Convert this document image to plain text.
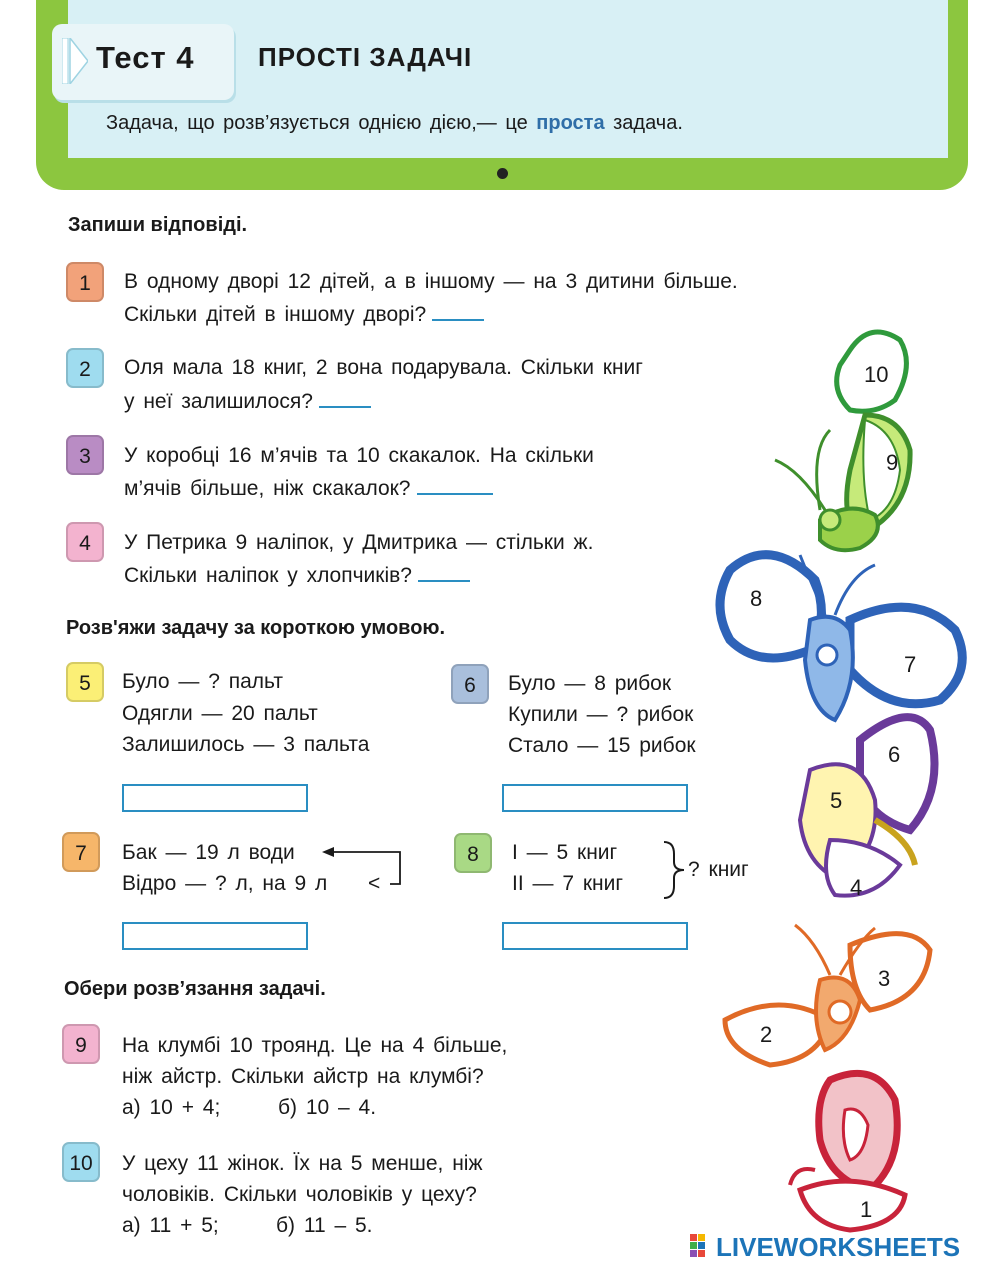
Тест 4 ПРОСТІ ЗАДАЧІ
Задача, що розв’язується однією дією,— це проста задача.
Запиши відповіді.
1	В одному дворі 12 дітей, а в іншому — на 3 дитини більше.
Скільки дітей в іншому дворі?
2	Оля мала 18 книг, 2 вона подарувала. Скільки книг
у неї залишилося?
3	У коробці 16 м’ячів та 10 скакалок. На скільки
м’ячів більше, ніж скакалок?
4	У Петрика 9 наліпок, у Дмитрика — стільки ж.
Скільки наліпок у хлопчиків?
Розв'яжи задачу за короткою умовою.
5	Було — ? пальт
Одягли — 20 пальт
Залишилось — 3 пальта
6	Було — 8 рибок
Купили — ? рибок
Стало — 15 рибок
7	Бак — 19 л води
Відро — ? л, на 9 л <
8	I — 5 книг
II — 7 книг
? книг
Обери розв’язання задачі.
9	На клумбі 10 троянд. Це на 4 більше,
ніж айстр. Скільки айстр на клумбі?
а) 10 + 4;	б) 10 – 4.
10	У цеху 11 жінок. Їх на 5 менше, ніж
чоловіків. Скільки чоловіків у цеху?
а) 11 + 5;	б) 11 – 5.
10
9
8
7
6
5
4
3
2
1
LIVEWORKSHEETS
